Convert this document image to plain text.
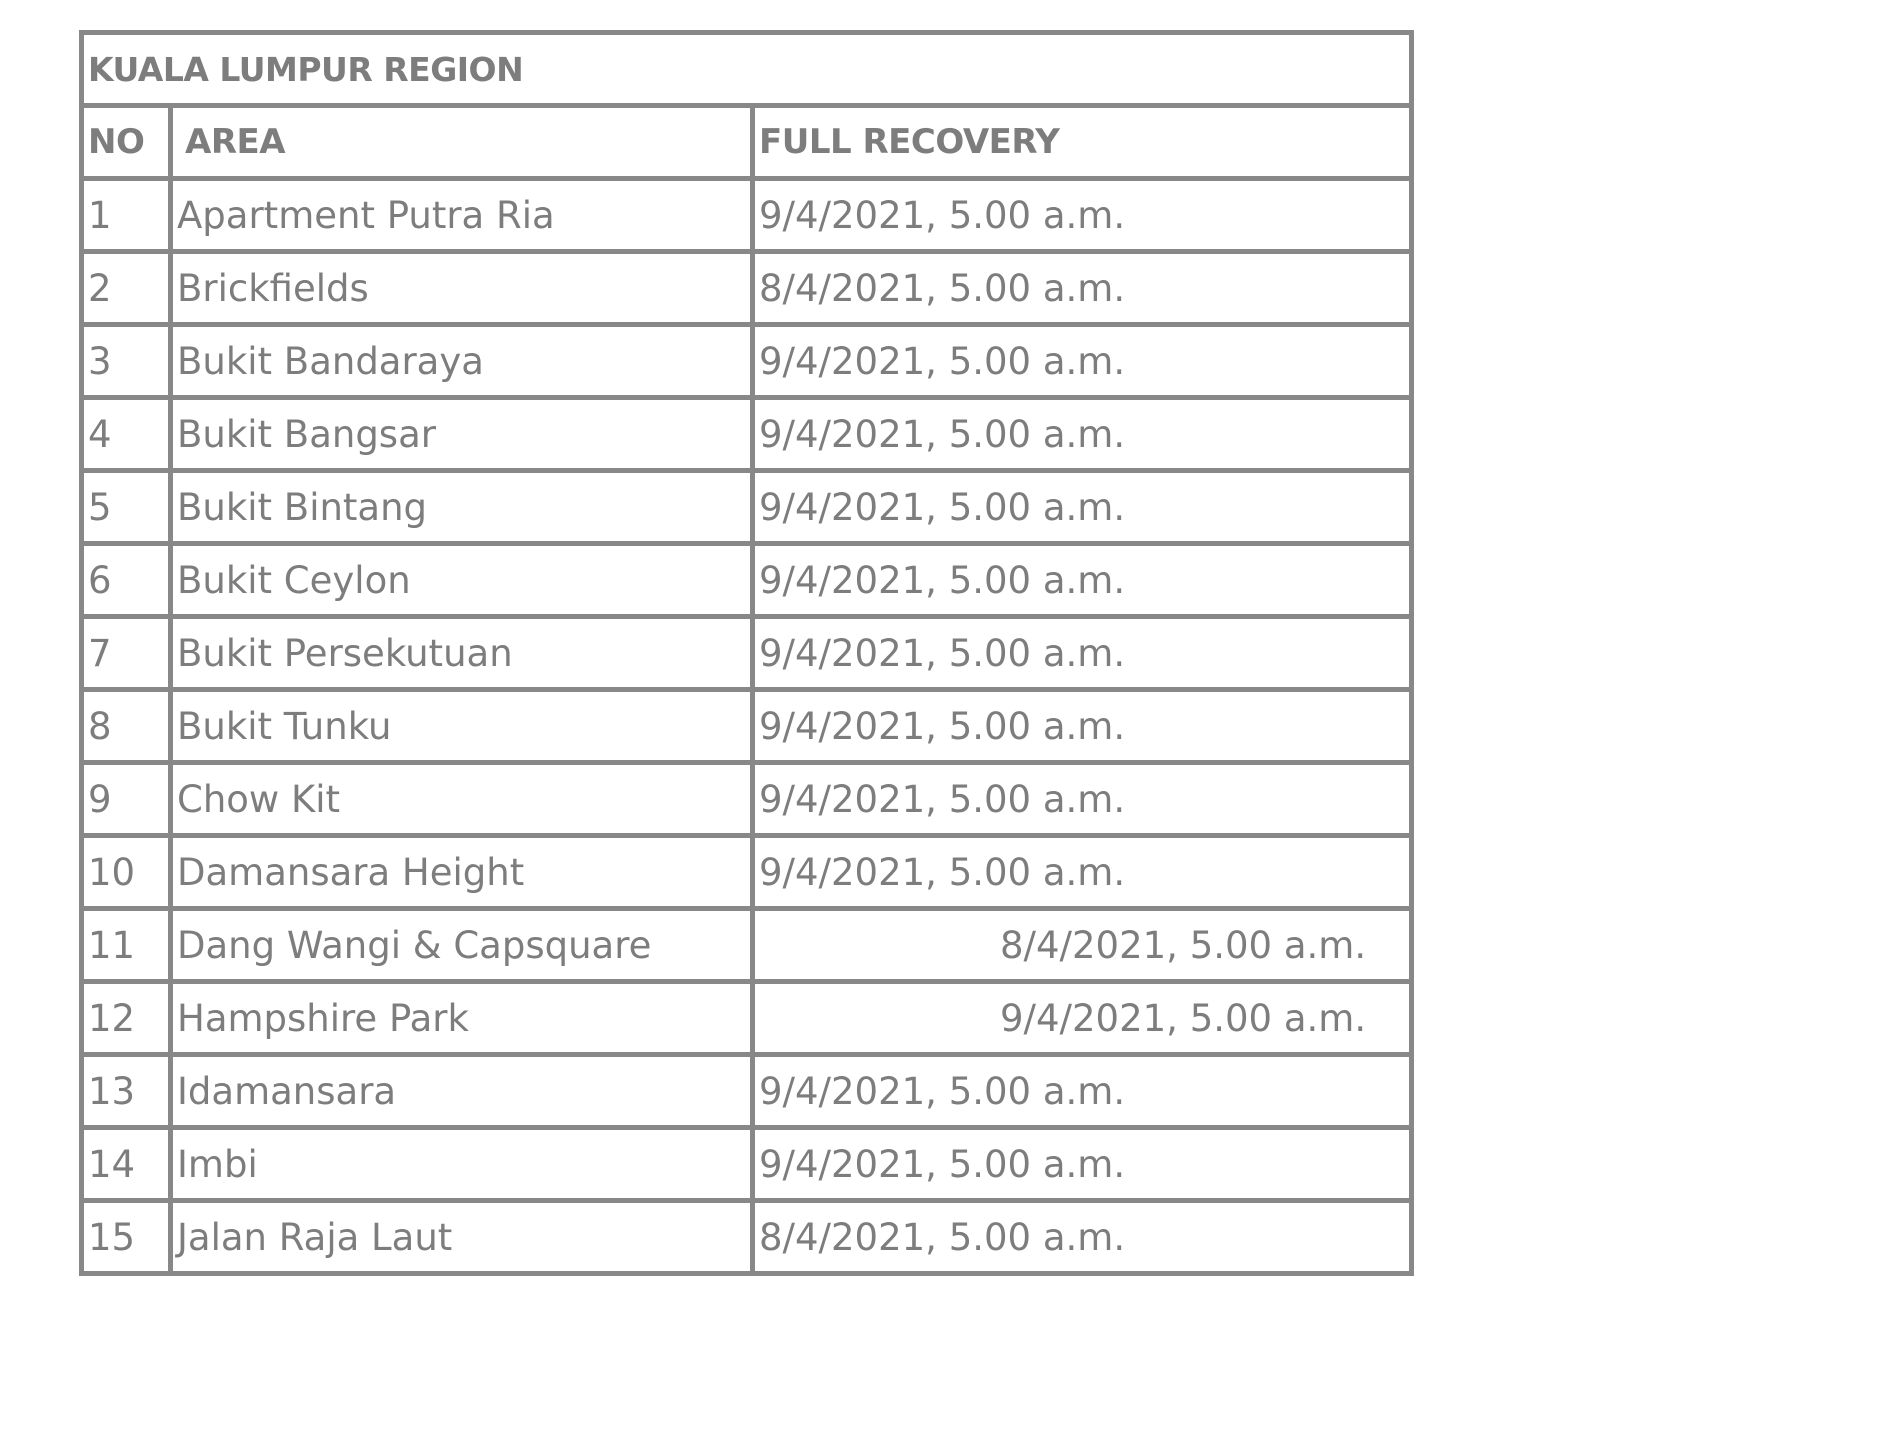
KUALA LUMPUR REGION		
NO	AREA	FULL RECOVERY
1	Apartment Putra Ria	9/4/2021, 5.00 a.m.
2	Brickfields	8/4/2021, 5.00 a.m.
3	Bukit Bandaraya	9/4/2021, 5.00 a.m.
4	Bukit Bangsar	9/4/2021, 5.00 a.m.
5	Bukit Bintang	9/4/2021, 5.00 a.m.
6	Bukit Ceylon	9/4/2021, 5.00 a.m.
7	Bukit Persekutuan	9/4/2021, 5.00 a.m.
8	Bukit Tunku	9/4/2021, 5.00 a.m.
9	Chow Kit	9/4/2021, 5.00 a.m.
10	Damansara Height	9/4/2021, 5.00 a.m.
11	Dang Wangi & Capsquare	8/4/2021, 5.00 a.m.
12	Hampshire Park	9/4/2021, 5.00 a.m.
13	Idamansara	9/4/2021, 5.00 a.m.
14	Imbi	9/4/2021, 5.00 a.m.
15	Jalan Raja Laut	8/4/2021, 5.00 a.m.
